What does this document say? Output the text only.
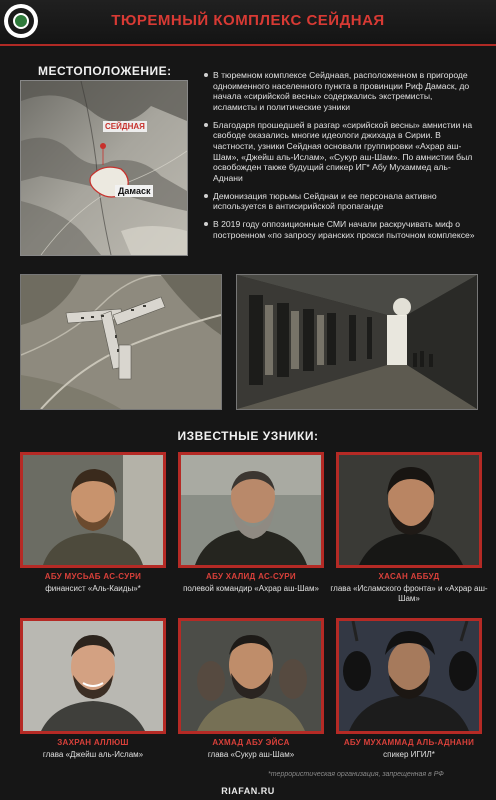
ТЮРЕМНЫЙ КОМПЛЕКС СЕЙДНАЯ
МЕСТОПОЛОЖЕНИЕ:
СЕЙДНАЯ
Дамаск
В тюремном комплексе Сейднаая, расположенном в пригороде одноименного населенного пункта в провинции Риф Дамаск, до начала «сирийской весны» содержались экстремисты, исламисты и политические узники
Благодаря прошедшей в разгар «сирийской весны» амнистии на свободе оказались многие идеологи джихада в Сирии. В частности, узники Сейдная основали группировки «Ахрар аш-Шам», «Джейш аль-Ислам», «Сукур аш-Шам». По амнистии был освобожден также будущий спикер ИГ* Абу Мухаммед аль-Аднани
Демонизация тюрьмы Сейднаи и ее персонала активно используется в антисирийской пропаганде
В 2019 году оппозиционные СМИ начали раскручивать миф о построенном «по запросу иранских прокси пыточном комплексе»
ИЗВЕСТНЫЕ УЗНИКИ:
АБУ МУСЬАБ АС-СУРИ
финансист «Аль-Каиды»*
АБУ ХАЛИД АС-СУРИ
полевой командир «Ахрар аш-Шам»
ХАСАН АББУД
глава «Исламского фронта» и «Ахрар аш-Шам»
ЗАХРАН АЛЛЮШ
глава «Джейш аль-Ислам»
АХМАД АБУ ЭЙСА
глава «Сукур аш-Шам»
АБУ МУХАММАД АЛЬ-АДНАНИ
спикер ИГИЛ*
*террористическая организация, запрещенная в РФ
RIAFAN.RU
